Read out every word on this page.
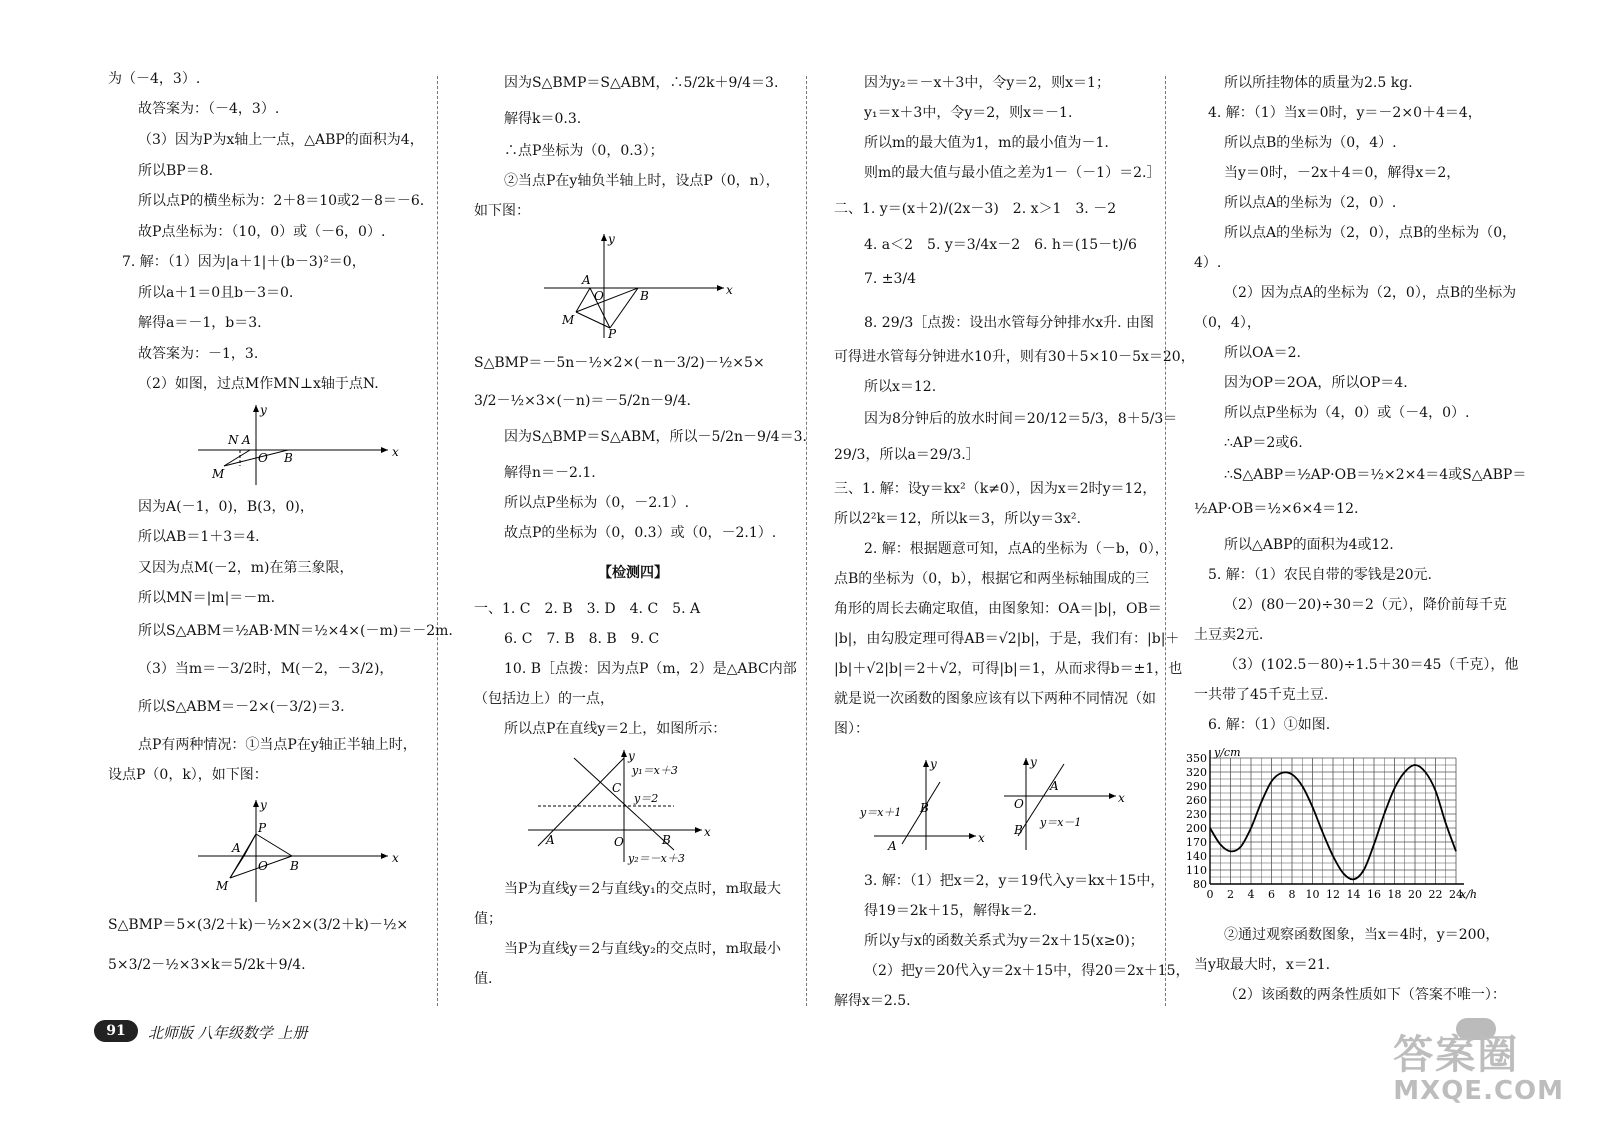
为（－4，3）.
故答案为：（－4，3）.
（3）因为P为x轴上一点，△ABP的面积为4，
所以BP＝8.
所以点P的横坐标为：2＋8＝10或2－8＝－6.
故P点坐标为：（10，0）或（－6，0）.
7. 解：（1）因为|a＋1|＋(b－3)²＝0，
所以a＋1＝0且b－3＝0.
解得a＝－1，b＝3.
故答案为：－1，3.
（2）如图，过点M作MN⊥x轴于点N.
y
x
N A
O B
M
因为A(－1，0)，B(3，0)，
所以AB＝1＋3＝4.
又因为点M(－2，m)在第三象限，
所以MN＝|m|＝－m.
所以S△ABM＝½AB·MN＝½×4×(－m)＝－2m.
（3）当m＝－3/2时，M(－2，－3/2)，
所以S△ABM＝－2×(－3/2)＝3.
点P有两种情况：①当点P在y轴正半轴上时，
设点P（0，k），如下图：
y
x
P
A
O B
M
S△BMP＝5×(3/2＋k)－½×2×(3/2＋k)－½×
5×3/2－½×3×k＝5/2k＋9/4.
因为S△BMP＝S△ABM，∴5/2k＋9/4＝3.
解得k＝0.3.
∴点P坐标为（0，0.3）；
②当点P在y轴负半轴上时，设点P（0，n），
如下图：
y
x
A
O	B
M
P
S△BMP＝－5n－½×2×(－n－3/2)－½×5×
3/2－½×3×(－n)＝－5/2n－9/4.
因为S△BMP＝S△ABM，所以－5/2n－9/4＝3.
解得n＝－2.1.
所以点P坐标为（0，－2.1）.
故点P的坐标为（0，0.3）或（0，－2.1）.
【检测四】
一、1. C　2. B　3. D　4. C　5. A
6. C　7. B　8. B　9. C
10. B［点拨：因为点P（m，2）是△ABC内部
（包括边上）的一点，
所以点P在直线y＝2上，如图所示：
y
x
y₁＝x＋3
y＝2
y₂＝－x＋3
C
A	O	B
当P为直线y＝2与直线y₁的交点时，m取最大
值；
当P为直线y＝2与直线y₂的交点时，m取最小
值.
因为y₂＝－x＋3中，令y＝2，则x＝1；
y₁＝x＋3中，令y＝2，则x＝－1.
所以m的最大值为1，m的最小值为－1.
则m的最大值与最小值之差为1－（－1）＝2.］
二、1. y＝(x＋2)/(2x－3)　2. x＞1　3. －2
4. a＜2　5. y＝3/4x－2　6. h＝(15－t)/6
7. ±3/4
8. 29/3［点拨：设出水管每分钟排水x升. 由图
可得进水管每分钟进水10升，则有30＋5×10－5x＝20，
所以x＝12.
因为8分钟后的放水时间＝20/12＝5/3，8＋5/3＝
29/3，所以a＝29/3.］
三、1. 解：设y＝kx²（k≠0），因为x＝2时y＝12，
所以2²k＝12，所以k＝3，所以y＝3x².
2. 解：根据题意可知，点A的坐标为（－b，0），
点B的坐标为（0，b），根据它和两坐标轴围成的三
角形的周长去确定取值，由图象知：OA＝|b|，OB＝
|b|，由勾股定理可得AB＝√2|b|，于是，我们有：|b|＋
|b|＋√2|b|＝2＋√2，可得|b|＝1，从而求得b＝±1，也
就是说一次函数的图象应该有以下两种不同情况（如
图）：
y
x
y＝x＋1 B
A
y
x
O
A
B
y＝x－1
3. 解：（1）把x＝2，y＝19代入y＝kx＋15中，
得19＝2k＋15，解得k＝2.
所以y与x的函数关系式为y＝2x＋15(x≥0)；
（2）把y＝20代入y＝2x＋15中，得20＝2x＋15，
解得x＝2.5.
所以所挂物体的质量为2.5 kg.
4. 解：（1）当x＝0时，y＝－2×0＋4＝4，
所以点B的坐标为（0，4）.
当y＝0时，－2x＋4＝0，解得x＝2，
所以点A的坐标为（2，0）.
所以点A的坐标为（2，0），点B的坐标为（0，
4）.
（2）因为点A的坐标为（2，0），点B的坐标为
（0，4），
所以OA＝2.
因为OP＝2OA，所以OP＝4.
所以点P坐标为（4，0）或（－4，0）.
∴AP＝2或6.
∴S△ABP＝½AP·OB＝½×2×4＝4或S△ABP＝
½AP·OB＝½×6×4＝12.
所以△ABP的面积为4或12.
5. 解：（1）农民自带的零钱是20元.
（2）(80－20)÷30＝2（元），降价前每千克
土豆卖2元.
（3）(102.5－80)÷1.5＋30＝45（千克），他
一共带了45千克土豆.
6. 解：（1）①如图.
0 2 4 6 8 10 12 14 16 18 20 22 24
80
110
140
170
200
230
260
290
320
350
x/h
y/cm
②通过观察函数图象，当x＝4时，y＝200，
当y取最大时，x＝21.
（2）该函数的两条性质如下（答案不唯一）：
91	北师版 八年级数学 上册	答案圈
MXQE.COM
